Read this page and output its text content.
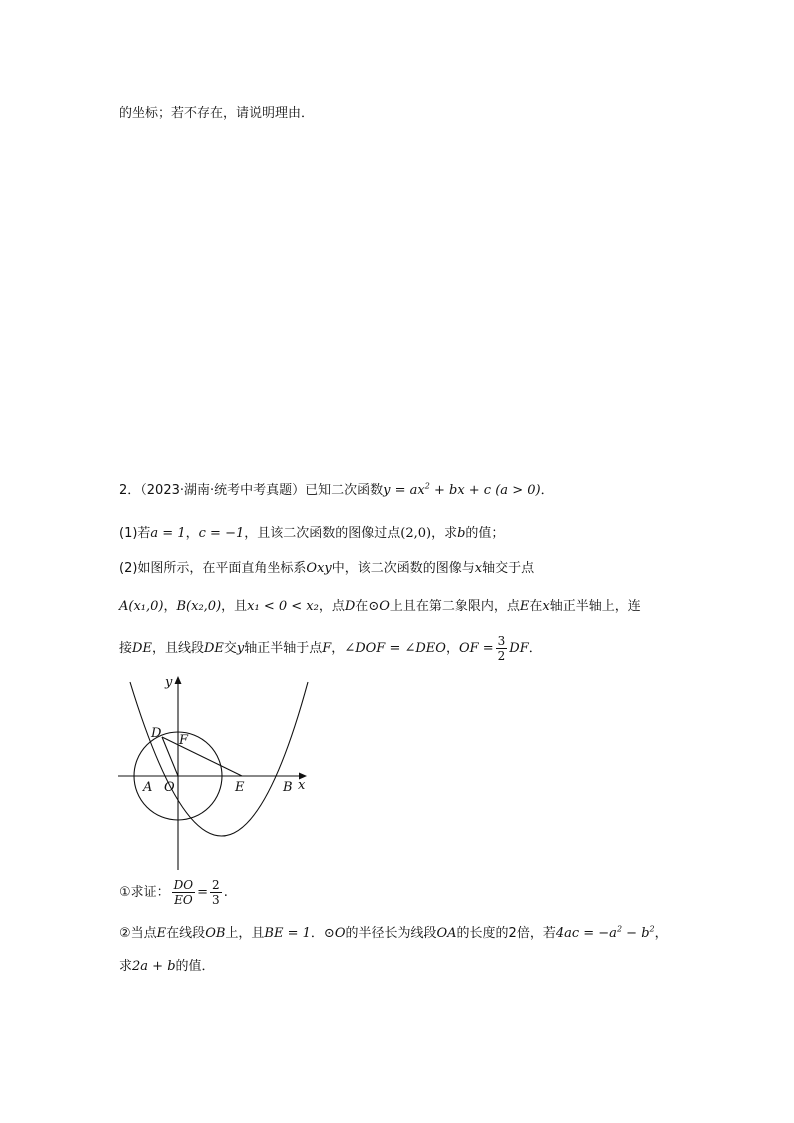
的坐标；若不存在，请说明理由．
2．（2023·湖南·统考中考真题）已知二次函数$y = ax^2$ + bx + c (a > 0)．
(1)若a = 1，c = −1，且该二次函数的图像过点(2,0)，求b的值；
(2)如图所示，在平面直角坐标系Oxy中，该二次函数的图像与x轴交于点
A(x₁,0)，B(x₂,0)，且x₁ < 0 < x₂，点D在⊙O上且在第二象限内，点E在x轴正半轴上，连
接DE，且线段DE交y轴正半轴于点F，∠DOF = ∠DEO，OF = $\frac{3}{2}$ DF．
y
x
D F
A O	E	B
①求证： $\frac{DO}{EO} = \frac{2}{3}$ .
②当点E在线段OB上，且BE = 1．⊙O的半径长为线段OA的长度的2倍，若$4ac = -a^2 - b^2$，
求2a + b的值．
